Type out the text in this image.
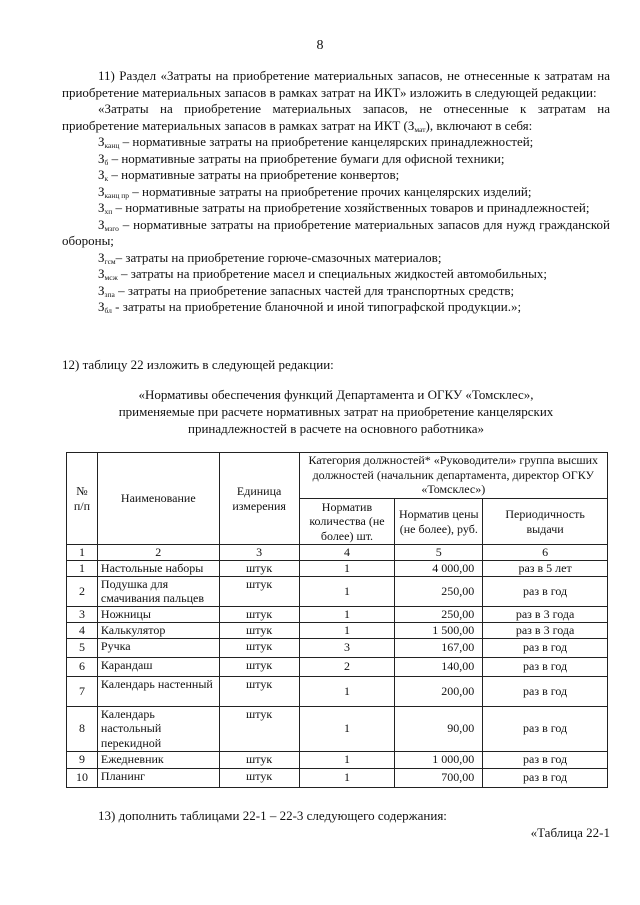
8

11) Раздел «Затраты на приобретение материальных запасов, не отнесенные к затратам на приобретение материальных запасов в рамках затрат на ИКТ» изложить в следующей редакции:

«Затраты на приобретение материальных запасов, не отнесенные к затратам на приобретение материальных запасов в рамках затрат на ИКТ $(З_{мат})$, включают в себя:

$З_{канц}$ – нормативные затраты на приобретение канцелярских принадлежностей;

$З_б$ – нормативные затраты на приобретение бумаги для офисной техники;

$З_к$ – нормативные затраты на приобретение конвертов;

$З_{канц пр}$ – нормативные затраты на приобретение прочих канцелярских изделий;

$З_{хп}$ – нормативные затраты на приобретение хозяйственных товаров и принадлежностей;

$З_{мзго}$ – нормативные затраты на приобретение материальных запасов для нужд гражданской обороны;

$З_{гсм}-$ затраты на приобретение горюче-смазочных материалов;

$З_{мсж}$ – затраты на приобретение масел и специальных жидкостей автомобильных;

$З_{зпа}$ – затраты на приобретение запасных частей для транспортных средств;

$З_{бл}$ - затраты на приобретение бланочной и иной типографской продукции.»;

12) таблицу 22 изложить в следующей редакции:
«Нормативы обеспечения функций Департамента и ОГКУ «Томсклес»,
применяемые при расчете нормативных затрат на приобретение канцелярских
принадлежностей в расчете на основного работника»
№ п/п	Наименование	Единица измерения	Категория должностей* «Руководители» группа высших должностей (начальник департамента, директор ОГКУ «Томсклес»)		
			Норматив количества (не более) шт.	Норматив цены (не более), руб.	Периодичность выдачи
1	2	3	4	5	6
1	Настольные наборы	штук	1	4 000,00	раз в 5 лет
2	Подушка для смачивания пальцев	штук	1	250,00	раз в год
3	Ножницы	штук	1	250,00	раз в 3 года
4	Калькулятор	штук	1	1 500,00	раз в 3 года
5	Ручка	штук	3	167,00	раз в год
6	Карандаш	штук	2	140,00	раз в год
7	Календарь настенный	штук	1	200,00	раз в год
8	Календарь настольный перекидной	штук	1	90,00	раз в год
9	Ежедневник	штук	1	1 000,00	раз в год
10	Планинг	штук	1	700,00	раз в год
13) дополнить таблицами 22-1 – 22-3 следующего содержания:
«Таблица 22-1
